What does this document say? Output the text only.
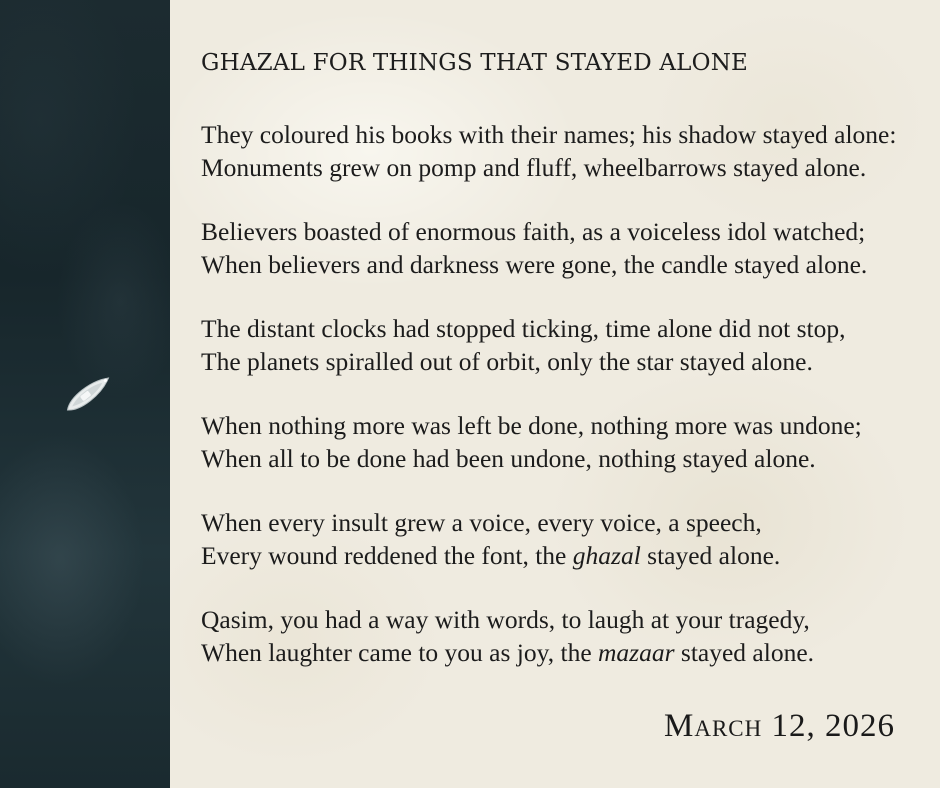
GHAZAL FOR THINGS THAT STAYED ALONE
They coloured his books with their names; his shadow stayed alone:
Monuments grew on pomp and fluff, wheelbarrows stayed alone.
Believers boasted of enormous faith, as a voiceless idol watched;
When believers and darkness were gone, the candle stayed alone.
The distant clocks had stopped ticking, time alone did not stop,
The planets spiralled out of orbit, only the star stayed alone.
When nothing more was left be done, nothing more was undone;
When all to be done had been undone, nothing stayed alone.
When every insult grew a voice, every voice, a speech,
Every wound reddened the font, the ghazal stayed alone.
Qasim, you had a way with words, to laugh at your tragedy,
When laughter came to you as joy, the mazaar stayed alone.
March 12, 2026
